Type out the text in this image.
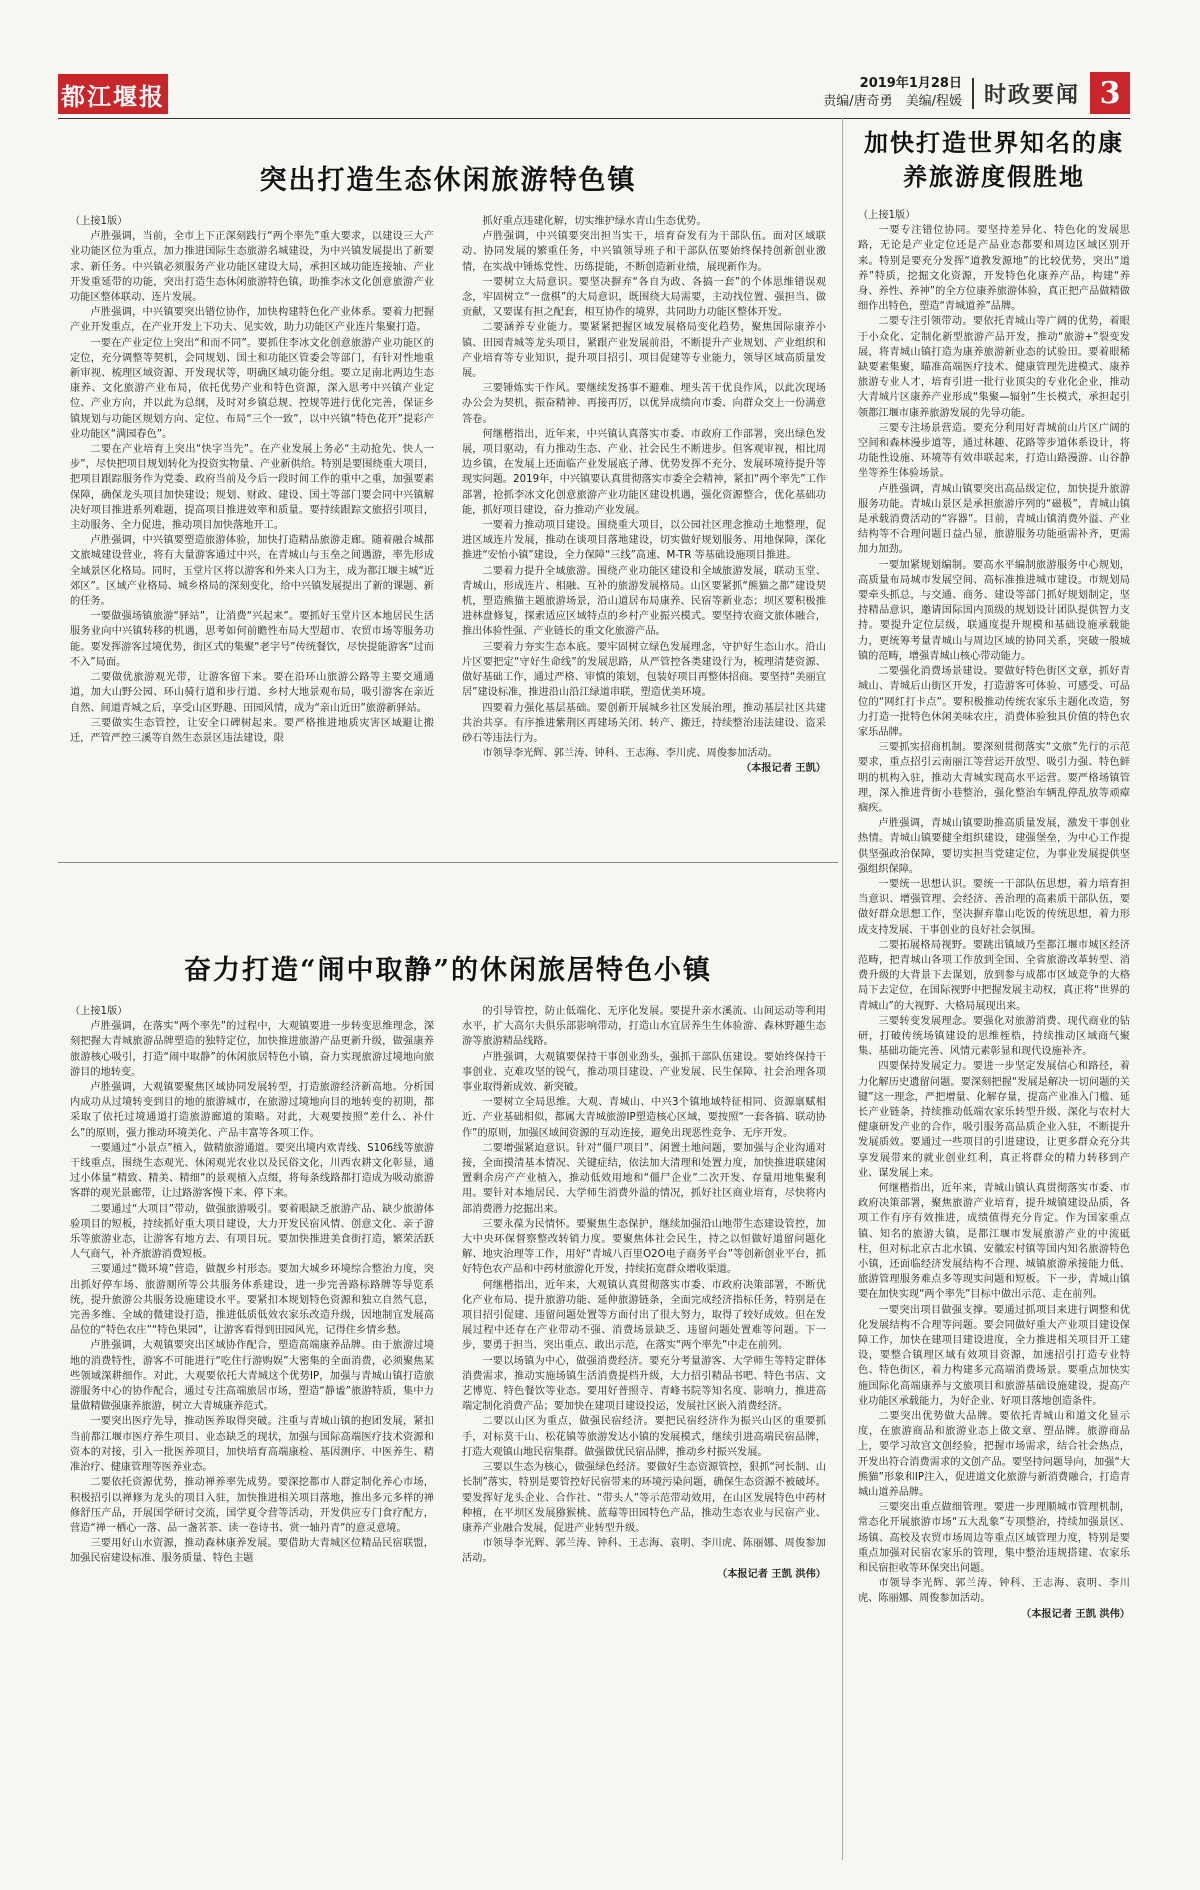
都江堰报	2019年1月28日
责编/唐奇勇　美编/程媛	时政要闻 3
突出打造生态休闲旅游特色镇

（上接1版）

卢胜强调，当前，全市上下正深刻践行“两个率先”重大要求，以建设三大产业功能区位为重点，加力推进国际生态旅游名城建设，为中兴镇发展提出了新要求、新任务。中兴镇必须服务产业功能区建设大局，承担区域功能连接轴、产业开发重延带的功能，突出打造生态休闲旅游特色镇，助推李冰文化创意旅游产业功能区整体联动、连片发展。

卢胜强调，中兴镇要突出错位协作，加快构建特色化产业体系。要着力把握产业开发重点，在产业开发上下功夫、见实效，助力功能区产业连片集聚打造。

一要在产业定位上突出“和而不同”。要抓住李冰文化创意旅游产业功能区的定位，充分调整等契机，会同规划、国土和功能区管委会等部门，有针对性地重新审视、梳理区域资源、开发现状等，明确区域功能分组。要立足南北两边生态康养、文化旅游产业布局，依托优势产业和特色资源，深入思考中兴镇产业定位、产业方向，并以此为总纲，及时对乡镇总规、控规等进行优化完善，保证乡镇规划与功能区规划方向、定位、布局“三个一致”，以中兴镇“特色花开”提彩产业功能区“满园春色”。

二要在产业培育上突出“快字当先”。在产业发展上务必“主动抢先、快人一步”，尽快把项目规划转化为投资实物量、产业新供给。特别是要围绕重大项目，把项目跟踪服务作为党委、政府当前及今后一段时间工作的重中之重，加强要素保障，确保龙头项目加快建设；规划、财政、建设、国土等部门要会同中兴镇解决好项目推进系列难题，提高项目推进效率和质量。要持续跟踪文旅招引项目，主动服务、全力促进，推动项目加快落地开工。

卢胜强调，中兴镇要塑造旅游体验，加快打造精品旅游走廊。随着融合城都文旅城建设营业，将有大量游客通过中兴，在青城山与玉垒之间遇游，率先形成全域景区化格局。同时，玉堂片区将以游客和外来人口为主，成为都江堰主城“近郊区”。区域产业格局、城乡格局的深刻变化，给中兴镇发展提出了新的课题、新的任务。

一要做强场镇旅游“驿站”，让消费“兴起来”。要抓好玉堂片区本地居民生活服务业向中兴镇转移的机遇，思考如何前瞻性布局大型超市、农贸市场等服务功能。要发挥游客过境优势，街区式的集聚“老字号”传统餐饮，尽快提能游客“过而不入”局面。

二要做优旅游观光带，让游客留下来。要在沿环山旅游公路等主要交通通道，加大山野公园、环山骑行道和步行道、乡村大地景观布局，吸引游客在亲近自然、间道青城之后，享受山区野趣、田园风情，成为“亲山近田”旅游新驿站。

三要做实生态管控，让安全口碑树起来。要严格推进地质灾害区域避让搬迁，严管严控三溪等自然生态景区违法建设，限

抓好重点违建化解，切实维护绿水青山生态优势。

卢胜强调，中兴镇要突出担当实干，培育奋发有为干部队伍。面对区域联动、协同发展的繁重任务，中兴镇领导班子和干部队伍要始终保持创新创业激情，在实战中锤炼党性、历练提能，不断创造新业绩，展现新作为。

一要树立大局意识。要坚决摒弃“各自为政、各搞一套”的个体思维错误观念，牢固树立“一盘棋”的大局意识，既围绕大局需要，主动找位置、强担当、做贡献，又要谋有担之配套，相互协作的境界，共同助力功能区整体开发。

二要涵养专业能力。要紧紧把握区域发展格局变化趋势，聚焦国际康养小镇、田园青城等龙头项目，紧跟产业发展前沿，不断提升产业规划、产业组织和产业培育等专业知识，提升项目招引、项目促建等专业能力，领导区域高质量发展。

三要锤炼实干作风。要继续发扬事不避难、埋头苦干优良作风，以此次现场办公会为契机，振奋精神、再接再厉，以优异成绩向市委、向群众交上一份满意答卷。

何继楷指出，近年来，中兴镇认真落实市委、市政府工作部署，突出绿色发展，项目驱动，有力推动生态、产业、社会民生不断进步。但客观审视，相比周边乡镇，在发展上还面临产业发展底子薄、优势发挥不充分、发展环境待提升等现实问题。2019年，中兴镇要认真贯彻落实市委全会精神，紧扣“两个率先”工作部署，抢抓李冰文化创意旅游产业功能区建设机遇，强化资源整合，优化基础功能，抓好项目建设，奋力推动产业发展。

一要着力推动项目建设。围绕重大项目，以公园社区理念推动土地整理，促进区域连片发展，推动在谈项目落地建设，切实做好规划服务、用地保障，深化推进“安怡小镇”建设，全力保障“三线”高速、M-TR 等基础设施项目推进。

二要着力提升全域旅游。围绕产业功能区建设和全域旅游发展，联动玉堂、青城山，形成连片、相融、互补的旅游发展格局。山区要紧抓“熊猫之都”建设契机，塑造熊猫主题旅游场景，沿山道居布局康养、民宿等新业态；坝区要积极推进林盘修复，探索适应区域特点的乡村产业振兴模式。要坚持农商文旅体融合，推出体验性强、产业链长的重文化旅游产品。

三要着力夯实生态本底。要牢固树立绿色发展理念，守护好生态山水。沿山片区要把定“守好生命线”的发展思路，从严管控各类建设行为，梳理清楚资源、做好基础工作，通过严格、审慎的策划，包装好项目再整体招商。要坚持“美丽宜居”建设标准，推进沿山沿江绿道串联，塑造优美环境。

四要着力强化基层基础。要创新开展城乡社区发展治理，推动基层社区共建共治共享。有序推进紫荆区再建场关闭、转产、搬迁，持续整治违法建设、盗采砂石等违法行为。

市领导李光辉、郭兰涛、钟科、王志海、李川虎、周俊参加活动。

（本报记者 王凯）

奋力打造“闹中取静”的休闲旅居特色小镇

（上接1版）

卢胜强调，在落实“两个率先”的过程中，大观镇要进一步转变思维理念，深刻把握大青城旅游品牌塑造的独特定位，加快推进旅游产品更新升级，做强康养旅游核心吸引，打造“闹中取静”的休闲旅居特色小镇，奋力实现旅游过境地向旅游目的地转变。

卢胜强调，大观镇要聚焦区域协同发展转型，打造旅游经济新高地。分析国内成功从过境转变到目的地的旅游城市，在旅游过境地向目的地转变的初期，都采取了依托过境通道打造旅游廊道的策略。对此，大观要按照“差什么、补什么”的原则，强力推动环境美化、产品丰富等各项工作。

一要通过“小景点”植入，做精旅游通道。要突出境内欢青线、S106线等旅游干线重点，围绕生态观光、休闲观光农业以及民俗文化，川西农耕文化彰显，通过小体量“精致、精美、精细”的景观植入点缀，将每条线路都打造成为吸动旅游客群的观光景廊带，让过路游客慢下来、停下来。

二要通过“大项目”带动，做强旅游吸引。要着眼缺乏旅游产品、缺少旅游体验项目的短板，持续抓好重大项目建设，大力开发民宿风情、创意文化、亲子游乐等旅游业态，让游客有地方去、有项目玩。要加快推进美食街打造，繁荣活跃人气商气，补齐旅游消费短板。

三要通过“微环境”营造，做靓乡村形态。要加大城乡环境综合整治力度，突出抓好停车场、旅游厕所等公共服务体系建设，进一步完善路标路牌等导览系统，提升旅游公共服务设施建设水平。要紧扣本规划特色资源和独立自然气息，完善多维、全域的微建设打造，推进低质低效农家乐改造升级，因地制宜发展高品位的“特色农庄”“特色果园”，让游客看得到田园风光，记得住乡情乡愁。

卢胜强调，大观镇要突出区域协作配合，塑造高端康养品牌。由于旅游过境地的消费特性，游客不可能进行“吃住行游购娱”大密集的全面消费，必须聚焦某些领域深耕细作。对此，大观要依托大青城这个优势IP，加强与青城山镇打造旅游服务中心的协作配合，通过专注高端旅居市场，塑造“静谧”旅游特质，集中力量做精做强康养旅游，树立大青城康养范式。

一要突出医疗先导，推动医养取得突破。注重与青城山镇的抱团发展，紧扣当前都江堰市医疗养生项目、业态缺乏的现状，加强与国际高端医疗技术资源和资本的对接，引入一批医养项目，加快培育高端康检、基因测序、中医养生、精准治疗、健康管理等医养业态。

二要依托资源优势，推动禅养率先成势。要深挖都市人群定制化养心市场，积极招引以禅修为龙头的项目入驻，加快推进相关项目落地，推出多元多样的禅修舒压产品，开展国学研讨交流，国学夏令营等活动，开发供应专门食疗配方，营造“禅一栖心一落、品一盏茗茶、读一卷诗书、赏一轴丹青”的意灵意境。

三要用好山水资源，推动森林康养发展。要借助大青城区位精品民宿联盟，加强民宿建设标准、服务质量、特色主题

的引导管控，防止低端化、无序化发展。要提升亲水溪流、山间运动等利用水平，扩大高尔夫俱乐部影响带动，打造山水宜居养生生体验游、森林野趣生态游等旅游精品线路。

卢胜强调，大观镇要保持干事创业劲头，强抓干部队伍建设。要始终保持干事创业、克难攻坚的锐气，推动项目建设、产业发展、民生保障、社会治理各项事业取得新成效、新突破。

一要树立全局思维。大观、青城山、中兴3个镇地域特征相同、资源禀赋相近、产业基础相似，都属大青城旅游IP塑造核心区域，要按照“一套各搞、联动协作”的原则，加强区域间资源的互动连接，避免出现恶性竞争、无序开发。

二要增强紧迫意识。针对“僵尸项目”、闲置土地问题，要加强与企业沟通对接，全面摸清基本情况、关键症结，依法加大清理和处置力度，加快推进联建闲置剩余房产产业植入，推动低效用地和“僵尸企业”二次开发、存量用地集聚利用。要针对本地居民、大学师生消费外溢的情况，抓好社区商业培育，尽快将内部消费潜力挖掘出来。

三要永葆为民情怀。要聚焦生态保护，继续加强沿山地带生态建设管控，加大中央环保督察整改转销力度。要聚焦体社会民生，持之以恒做好道留问题化解、地灾治理等工作，用好“青城八百里O2O电子商务平台”等创新创业平台，抓好特色农产品和中药材旅游化开发，持续拓宽群众增收渠道。

何继楷指出，近年来，大观镇认真贯彻落实市委、市政府决策部署，不断优化产业布局、提升旅游功能、延伸旅游链条，全面完成经济指标任务，特别是在项目招引促建、违留问题处置等方面付出了很大努力，取得了较好成效。但在发展过程中还存在产业带动不强、消费场景缺乏、违留问题处置难等问题。下一步，要勇于担当、突出重点、敢出示范，在落实“两个率先”中走在前列。

一要以场镇为中心，做强消费经济。要充分考量游客、大学师生等特定群体消费需求，推动实施场镇生活消费提档升级，大力招引精品书吧、特色书店、文艺博览、特色餐饮等业态。要用好普照寺、青峰书院等知名度、影响力，推进高端定制化消费产品；要加快在建项目建设投运，发展社区嵌入消费经济。

二要以山区为重点，做强民宿经济。要把民宿经济作为振兴山区的重要抓手，对标莫干山、松花镇等旅游发达小镇的发展模式，继续引进高端民宿品牌，打造大观镇山地民宿集群。做强做优民宿品牌，推动乡村振兴发展。

三要以生态为核心，做强绿色经济。要做好生态资源管控，狠抓“河长制、山长制”落实，特别是要管控好民宿带来的环境污染问题，确保生态资源不被破坏。要发挥好龙头企业、合作社、“带头人”等示范带动效用，在山区发展特色中药材种植，在平坝区发展猕猴桃、蓝莓等田园特色产品，推动生态农业与民宿产业、康养产业融合发展，促进产业转型升级。

市领导李光辉、郭兰涛、钟科、王志海、袁明、李川虎、陈丽娜、周俊参加活动。

（本报记者 王凯 洪伟）

加快打造世界知名的康养旅游度假胜地

（上接1版）

一要专注错位协同。要坚持差异化、特色化的发展思路，无论是产业定位还是产品业态都要和周边区域区别开来。特别是要充分发挥“道教发源地”的比较优势，突出“道养”特质，挖掘文化资源，开发特色化康养产品，构建“养身、养性、养神”的全方位康养旅游体验，真正把产品做精做细作出特色，塑造“青城道养”品牌。

二要专注引领带动。要依托青城山等广阔的优势，着眼于小众化、定制化新型旅游产品开发，推动“旅游+”裂变发展，将青城山镇打造为康养旅游新业态的试验田。要着眼稀缺要素集聚，瞄准高端医疗技术、健康管理先进模式、康养旅游专业人才，培育引进一批行业顶尖的专业化企业，推动大青城片区康养产业形成“集聚—辐射”生长模式，承担起引领都江堰市康养旅游发展的先导功能。

三要专注场景营造。要充分利用好青城前山片区广阔的空间和森林漫步道等，通过林趣、花路等步道体系设计，将功能性设施、环境等有效串联起来，打造山路漫游、山谷静坐等养生体验场景。

卢胜强调，青城山镇要突出高品级定位，加快提升旅游服务功能。青城山景区是承担旅游序列的“磁极”，青城山镇是承载消费活动的“容器”。目前，青城山镇消费外溢、产业结构等不合理问题日益凸显，旅游服务功能亟需补齐，更需加力加劲。

一要加紧规划编制。要高水平编制旅游服务中心规划，高质量布局城市发展空间、高标准推进城市建设。市规划局要牵头抓总，与交通、商务、建设等部门抓好规划制定，坚持精品意识，邀请国际国内顶级的规划设计团队提供智力支持。要提升定位层级，联通度提升规模和基础设施承载能力，更统筹考量青城山与周边区域的协同关系，突破一般城镇的范畴，增强青城山核心带动能力。

二要强化消费场景建设。要做好特色街区文章，抓好青城山、青城后山街区开发，打造游客可体验、可感受、可品位的“网红打卡点”。要积极推动传统农家乐主题化改造，努力打造一批特色休闲美味农庄，消费体验独具价值的特色农家乐品牌。

三要抓实招商机制。要深刻贯彻落实“文旅”先行的示范要求，重点招引云南丽江等营运开放型、吸引力强、特色鲜明的机构入驻，推动大青城实现高水平运营。要严格场镇管理，深入推进背街小巷整治，强化整治车辆乱停乱放等顽瘴痼疾。

卢胜强调，青城山镇要助推高质量发展，激发干事创业热情。青城山镇要健全组织建设，建强堡垒，为中心工作提供坚强政治保障，要切实担当党建定位，为事业发展提供坚强组织保障。

一要统一思想认识。要统一干部队伍思想，着力培育担当意识、增强管理、会经济、善治理的高素质干部队伍，要做好群众思想工作，坚决摒弃靠山吃饭的传统思想，着力形成支持发展、干事创业的良好社会氛围。

二要拓展格局视野。要跳出镇域乃至都江堰市城区经济范畴，把青城山各项工作放到全国、全省旅游改革转型、消费升级的大背景下去谋划，放到参与成都市区域竞争的大格局下去定位，在国际视野中把握发展主动权，真正将“世界的青城山”的大视野、大格局展现出来。

三要转变发展理念。要强化对旅游消费、现代商业的钻研，打破传统场镇建设的思维桎梏，持续推动区域商气聚集、基础功能完善、风情元素彰显和现代设施补齐。

四要保持发展定力。要进一步坚定发展信心和路径，着力化解历史遗留问题。要深刻把握“发展是解决一切问题的关键”这一理念，严把增量、化解存量，提高产业准入门槛、延长产业链条，持续推动低端农家乐转型升级、深化与农村大健康研发产业的合作，吸引服务高品质企业入驻，不断提升发展质效。要通过一些项目的引进建设，让更多群众充分共享发展带来的就业创业红利，真正将群众的精力转移到产业、谋发展上来。

何继楷指出，近年来，青城山镇认真贯彻落实市委、市政府决策部署，聚焦旅游产业培育，提升城镇建设品质，各项工作有序有效推进，成绩值得充分肯定。作为国家重点镇、知名的旅游大镇，是都江堰市发展旅游产业的中流砥柱，但对标北京古北水镇、安徽宏村镇等国内知名旅游特色小镇，还面临经济发展结构不合理、城镇旅游承接能力低、旅游管理服务难点多等现实问题和短板。下一步，青城山镇要在加快实现“两个率先”目标中做出示范、走在前列。

一要突出项目做强支撑。要通过抓项目来进行调整和优化发展结构不合理等问题。要会同做好重大产业项目建设保障工作，加快在建项目建设进度，全力推进相关项目开工建设，要整合镇理区域有效项目资源，加速招引打造专业特色、特色街区，着力构建多元高端消费场景。要重点加快实施国际化高端康养与文旅项目和旅游基础设施建设，提高产业功能区承载能力，为好企业、好项目落地创造条件。

二要突出优势做大品牌。要依托青城山和道文化显示度，在旅游商品和旅游业态上做文章、塑品牌。旅游商品上，要学习故宫文创经验，把握市场需求，结合社会热点，开发出符合消费需求的文创产品。要坚持问题导向，加强“大熊猫”形象和IP注入，促进道文化旅游与新消费融合，打造青城山道养品牌。

三要突出重点做细管理。要进一步理顺城市管理机制，常态化开展旅游市场“五大乱象”专项整治，持续加强景区、场镇、高校及农贸市场周边等重点区域管理力度，特别是要重点加强对民宿农家乐的管理，集中整治违规搭建、农家乐和民宿拒收等环保突出问题。

市领导李光辉、郭兰涛、钟科、王志海、袁明、李川虎、陈丽娜、周俊参加活动。

（本报记者 王凯 洪伟）
